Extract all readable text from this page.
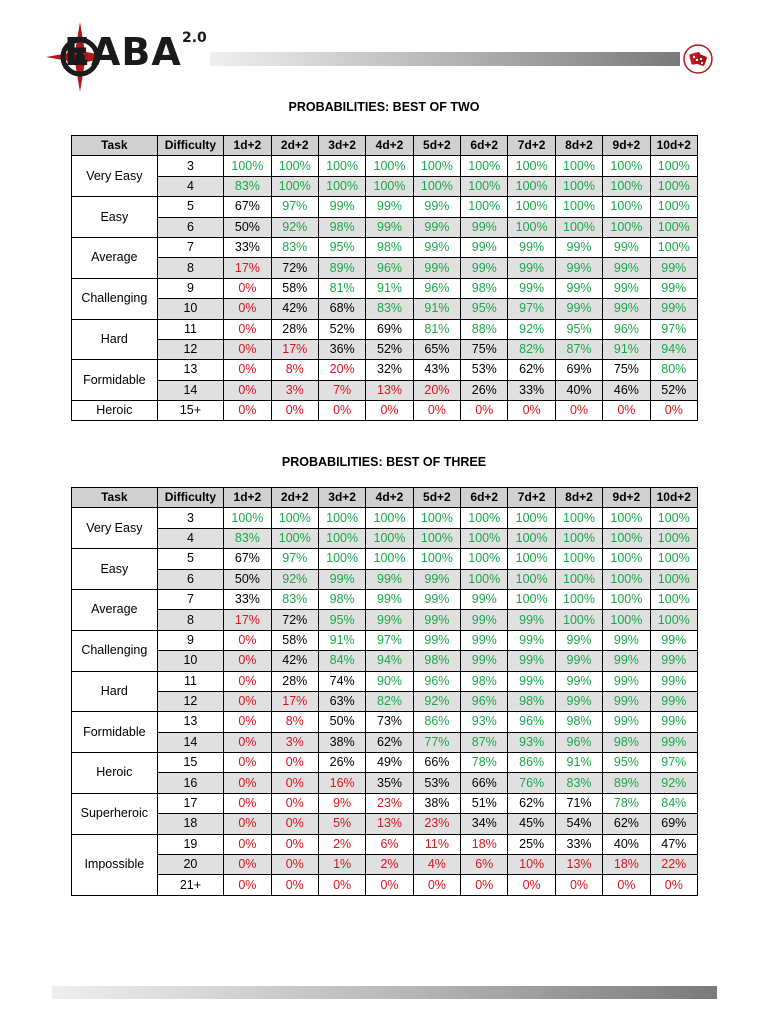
EABA 2.0
PROBABILITIES: BEST OF TWO
Task	Difficulty	1d+2	2d+2	3d+2	4d+2	5d+2	6d+2	7d+2	8d+2	9d+2	10d+2
Very Easy	3	100%	100%	100%	100%	100%	100%	100%	100%	100%	100%
	4	83%	100%	100%	100%	100%	100%	100%	100%	100%	100%
Easy	5	67%	97%	99%	99%	99%	100%	100%	100%	100%	100%
	6	50%	92%	98%	99%	99%	99%	100%	100%	100%	100%
Average	7	33%	83%	95%	98%	99%	99%	99%	99%	99%	100%
	8	17%	72%	89%	96%	99%	99%	99%	99%	99%	99%
Challenging	9	0%	58%	81%	91%	96%	98%	99%	99%	99%	99%
	10	0%	42%	68%	83%	91%	95%	97%	99%	99%	99%
Hard	11	0%	28%	52%	69%	81%	88%	92%	95%	96%	97%
	12	0%	17%	36%	52%	65%	75%	82%	87%	91%	94%
Formidable	13	0%	8%	20%	32%	43%	53%	62%	69%	75%	80%
	14	0%	3%	7%	13%	20%	26%	33%	40%	46%	52%
Heroic	15+	0%	0%	0%	0%	0%	0%	0%	0%	0%	0%
PROBABILITIES: BEST OF THREE
Task	Difficulty	1d+2	2d+2	3d+2	4d+2	5d+2	6d+2	7d+2	8d+2	9d+2	10d+2
Very Easy	3	100%	100%	100%	100%	100%	100%	100%	100%	100%	100%
	4	83%	100%	100%	100%	100%	100%	100%	100%	100%	100%
Easy	5	67%	97%	100%	100%	100%	100%	100%	100%	100%	100%
	6	50%	92%	99%	99%	99%	100%	100%	100%	100%	100%
Average	7	33%	83%	98%	99%	99%	99%	100%	100%	100%	100%
	8	17%	72%	95%	99%	99%	99%	99%	100%	100%	100%
Challenging	9	0%	58%	91%	97%	99%	99%	99%	99%	99%	99%
	10	0%	42%	84%	94%	98%	99%	99%	99%	99%	99%
Hard	11	0%	28%	74%	90%	96%	98%	99%	99%	99%	99%
	12	0%	17%	63%	82%	92%	96%	98%	99%	99%	99%
Formidable	13	0%	8%	50%	73%	86%	93%	96%	98%	99%	99%
	14	0%	3%	38%	62%	77%	87%	93%	96%	98%	99%
Heroic	15	0%	0%	26%	49%	66%	78%	86%	91%	95%	97%
	16	0%	0%	16%	35%	53%	66%	76%	83%	89%	92%
Superheroic	17	0%	0%	9%	23%	38%	51%	62%	71%	78%	84%
	18	0%	0%	5%	13%	23%	34%	45%	54%	62%	69%
Impossible	19	0%	0%	2%	6%	11%	18%	25%	33%	40%	47%
	20	0%	0%	1%	2%	4%	6%	10%	13%	18%	22%
	21+	0%	0%	0%	0%	0%	0%	0%	0%	0%	0%
